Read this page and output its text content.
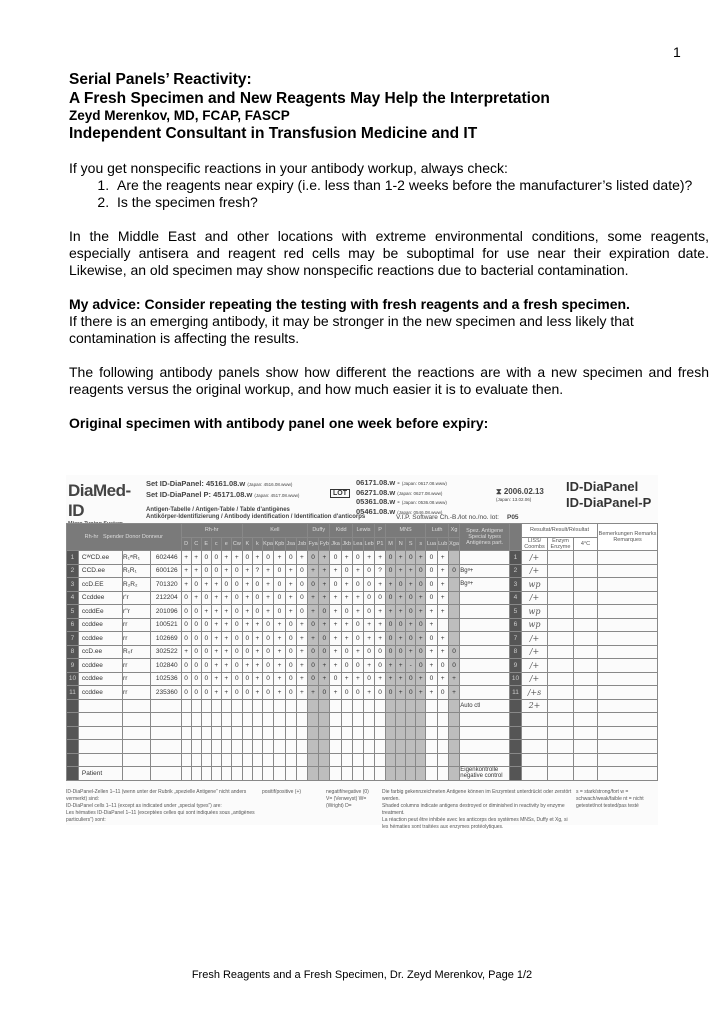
1
Serial Panels’ Reactivity:
A Fresh Specimen and New Reagents May Help the Interpretation
Zeyd Merenkov, MD, FCAP, FASCP
Independent Consultant in Transfusion Medicine and IT

If you get nonspecific reactions in your antibody workup, always check:

1. Are the reagents near expiry (i.e. less than 1-2 weeks before the manufacturer’s listed date)?
2. Is the specimen fresh?

In the Middle East and other locations with extreme environmental conditions, some reagents, especially antisera and reagent red cells may be suboptimal for use near their expiration date. Likewise, an old specimen may show nonspecific reactions due to bacterial contamination.

My advice: Consider repeating the testing with fresh reagents and a fresh specimen.

If there is an emerging antibody, it may be stronger in the new specimen and less likely that contamination is affecting the results.

The following antibody panels show how different the reactions are with a new specimen and fresh reagents versus the original workup, and how much easier it is to evaluate then.

Original specimen with antibody panel one week before expiry:

DiaMed-ID
Set ID-DiaPanel: 45161.08.w (Japan: 4516.08.www)
Set ID-DiaPanel P: 45171.08.w (Japan: 4517.08.www)
Antigen-Tabelle / Antigen-Table / Table d'antigènes
Antikörper-Identifizierung / Antibody identification / Identification d'anticorps
LOT
06171.08.w - (Japan: 0617.08.www)
06271.08.w (Japan: 0627.08.www)
05361.08.w - (Japan: 0536.08.www)
05461.08.w (Japan: 0546.08.www)
⧗ 2006.02.13
(Japan: 13.02.06)
ID-DiaPanel
ID-DiaPanel-P
V.I.P. Software Ch.-B./lot no./no. lot: P05
Rh-hr Spender Donor Donneur				Rh-hr						Kell						Duffy		Kidd		Lewis		P	MNS				Luth		Xg	Spez. Antigene Special types Antigènes part.		Resultat/Result/Résultat			Bemerkungen Remarks Remarques
				D	C	E	c	e	Cw	K	k	Kpa	Kpb	Jsa	Jsb	Fya	Fyb	Jka	Jkb	Lea	Leb	P1	M	N	S	s	Lua	Lub	Xga			LISS/ Coombs	Enzym Enzyme	4°C	
1	CᵂCD.ee	R₁ʷR₁	602446	+	+	0	0	+	+	0	+	0	+	0	+	0	+	0	+	0	+	+	0	+	0	+	0	+			1	/+			
2	CCD.ee	R₁R₁	600126	+	+	0	0	+	0	+	?	+	0	+	0	+	+	+	0	+	0	?	0	+	+	0	0	+	0	Bgᵃ+	2	/+			
3	ccD.EE	R₂R₂	701320	+	0	+	+	0	0	+	0	+	0	+	0	0	+	0	+	0	0	+	+	0	+	0	0	+		Bgᵃ+	3	wp			
4	Ccddee	r'r	212204	0	+	0	+	+	0	+	0	+	0	+	0	+	+	+	+	+	0	0	0	+	0	+	0	+			4	/+			
5	ccddEe	r''r	201096	0	0	+	+	+	0	+	0	+	0	+	0	+	0	+	0	+	0	+	+	+	0	+	+	+			5	wp			
6	ccddee	rr	100521	0	0	0	+	+	0	+	+	0	+	0	+	0	+	+	+	0	+	+	0	0	+	0	+				6	wp			
7	ccddee	rr	102669	0	0	0	+	+	0	0	+	0	+	0	+	+	0	+	+	0	+	+	0	+	0	+	0	+			7	/+			
8	ccD.ee	R₀r	302522	+	0	0	+	+	0	0	+	0	+	0	+	0	0	+	0	+	0	0	0	0	+	0	+	+	0		8	/+			
9	ccddee	rr	102840	0	0	0	+	+	0	+	+	0	+	0	+	0	+	+	0	0	+	0	+	+	-	0	+	0	0		9	/+			
10	ccddee	rr	102536	0	0	0	+	+	0	0	+	0	+	0	+	0	+	0	+	+	0	+	+	+	0	+	0	+	+		10	/+			
11	ccddee	rr	235360	0	0	0	+	+	0	0	+	0	+	0	+	+	0	+	0	0	+	0	0	+	0	+	+	0	+		11	/+s			
																														Auto ctl		2+			

	Patient																													Eigenkontrolle negative control					
ID-DiaPanel-Zellen 1–11 (wenn unter der Rubrik „spezielle Antigene“ nicht anders vermerkt) sind:
ID-DiaPanel cells 1–11 (except as indicated under „special types“) are:
Les hématies ID-DiaPanel 1–11 (exceptées celles qui sont indiquées sous „antigènes particuliers“) sont:
positif/positive (+)	negatif/negative (0)
V= (Verweyst) W= (Wright) D=
Die farbig gekennzeichneten Antigene können im Enzymtest unterdrückt oder zerstört werden.
Shaded columns indicate antigens destroyed or diminished in reactivity by enzyme treatment.
La réaction peut être inhibée avec les anticorps des systèmes MNSs, Duffy et Xg, si les hématies sont traitées aux enzymes protéolytiques.
s = stark/strong/fort w = schwach/weak/faible nt = nicht getestet/not tested/pas testé
Fresh Reagents and a Fresh Specimen, Dr. Zeyd Merenkov, Page 1/2
